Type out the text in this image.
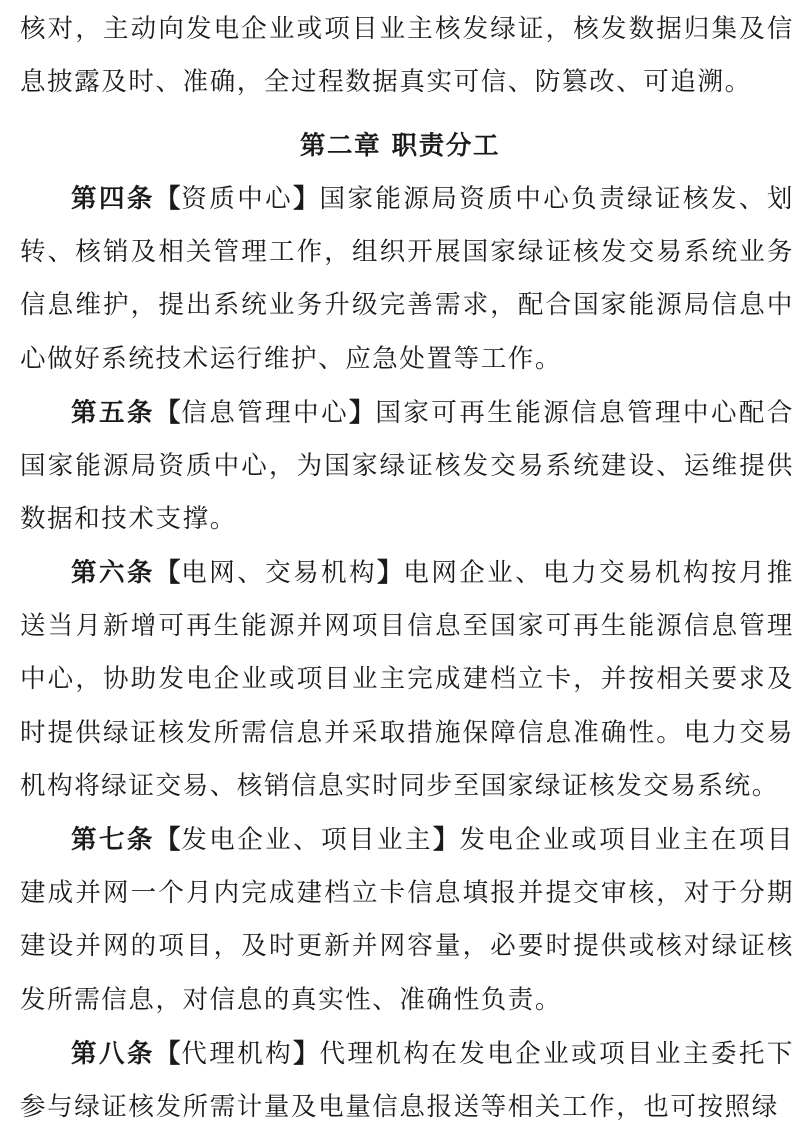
核对，主动向发电企业或项目业主核发绿证，核发数据归集及信息披露及时、准确，全过程数据真实可信、防篡改、可追溯。

第二章 职责分工

第四条【资质中心】国家能源局资质中心负责绿证核发、划转、核销及相关管理工作，组织开展国家绿证核发交易系统业务信息维护，提出系统业务升级完善需求，配合国家能源局信息中心做好系统技术运行维护、应急处置等工作。

第五条【信息管理中心】国家可再生能源信息管理中心配合国家能源局资质中心，为国家绿证核发交易系统建设、运维提供数据和技术支撑。

第六条【电网、交易机构】电网企业、电力交易机构按月推送当月新增可再生能源并网项目信息至国家可再生能源信息管理中心，协助发电企业或项目业主完成建档立卡，并按相关要求及时提供绿证核发所需信息并采取措施保障信息准确性。电力交易机构将绿证交易、核销信息实时同步至国家绿证核发交易系统。

第七条【发电企业、项目业主】发电企业或项目业主在项目建成并网一个月内完成建档立卡信息填报并提交审核，对于分期建设并网的项目，及时更新并网容量，必要时提供或核对绿证核发所需信息，对信息的真实性、准确性负责。

第八条【代理机构】代理机构在发电企业或项目业主委托下参与绿证核发所需计量及电量信息报送等相关工作，也可按照绿
